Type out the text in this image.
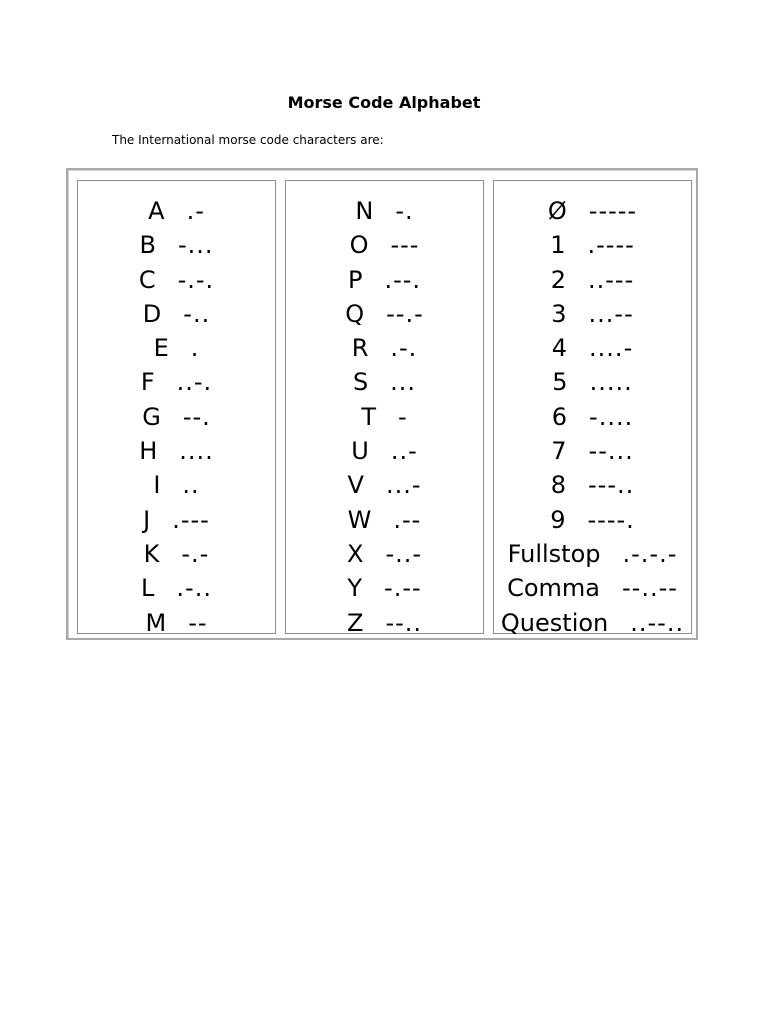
Morse Code Alphabet
The International morse code characters are:
A .-
B -...
C -.-.
D -..
E .
F ..-.
G --.
H ....
I ..
J .---
K -.-
L .-..
M --
N -.
O ---
P .--.
Q --.-
R .-.
S ...
T -
U ..-
V ...-
W .--
X -..-
Y -.--
Z --..
Ø -----
1 .----
2 ..---
3 ...--
4 ....-
5 .....
6 -....
7 --...
8 ---..
9 ----.
Fullstop .-.-.-
Comma --..--
Question ..--..
